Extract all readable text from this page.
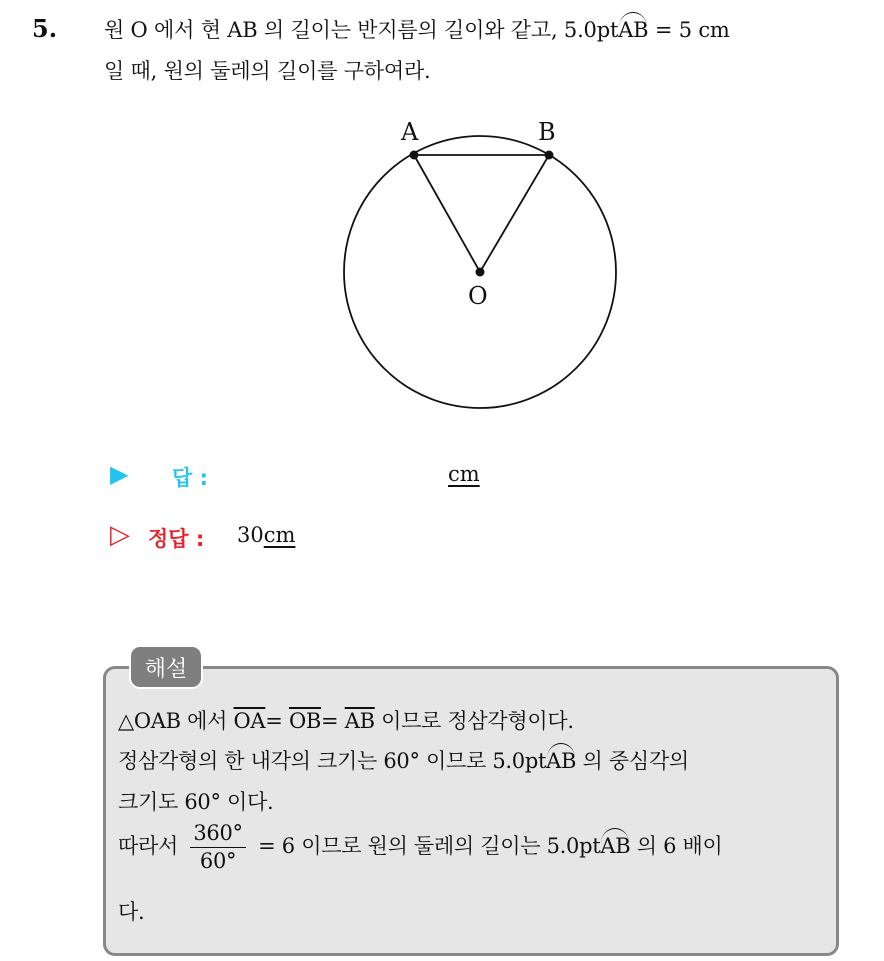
5. 원 O 에서 현 AB 의 길이는 반지름의 길이와 같고, 5.0ptAB = 5 cm
일 때, 원의 둘레의 길이를 구하여라.
A	B
O
▶ 답 :	cm
▷ 정답 : 30cm
해설
△OAB 에서 $\overline{OA}= \overline{OB}= \overline{AB}$ 이므로 정삼각형이다.
정삼각형의 한 내각의 크기는 60° 이므로 5.0ptAB 의 중심각의
크기도 60° 이다.
따라서 $\frac{360^\circ}{60^\circ} = 6$ 이므로 원의 둘레의 길이는 5.0ptAB 의 6 배이
다.
